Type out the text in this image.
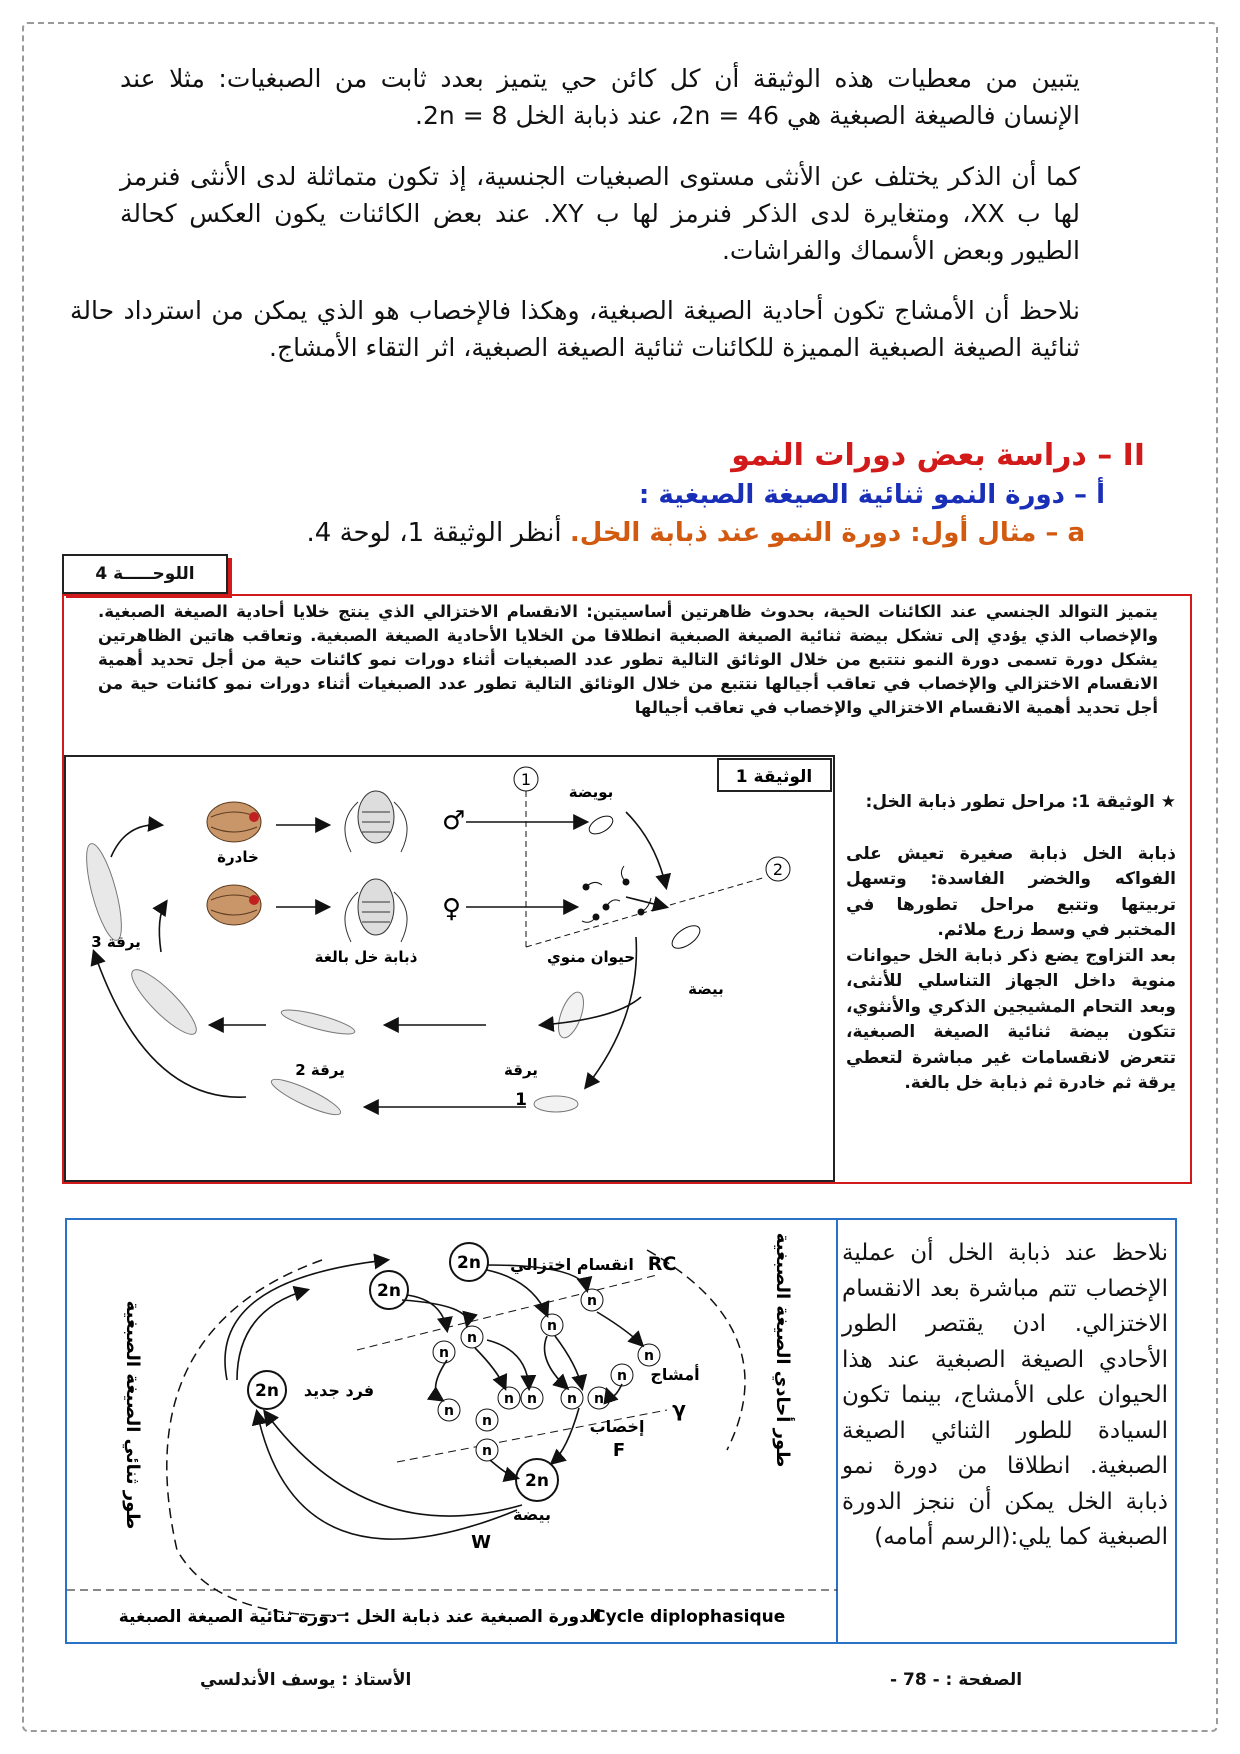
يتبين من معطيات هذه الوثيقة أن كل كائن حي يتميز بعدد ثابت من الصبغيات: مثلا عند الإنسان فالصيغة الصبغية هي 46 = 2n، عند ذبابة الخل 8 = 2n.
كما أن الذكر يختلف عن الأنثى مستوى الصبغيات الجنسية، إذ تكون متماثلة لدى الأنثى فنرمز لها ب XX، ومتغايرة لدى الذكر فنرمز لها ب XY. عند بعض الكائنات يكون العكس كحالة الطيور وبعض الأسماك والفراشات.
نلاحظ أن الأمشاج تكون أحادية الصيغة الصبغية، وهكذا فالإخصاب هو الذي يمكن من استرداد حالة ثنائية الصيغة الصبغية المميزة للكائنات ثنائية الصيغة الصبغية، اثر التقاء الأمشاج.
II – دراسة بعض دورات النمو
أ – دورة النمو ثنائية الصيغة الصبغية :
a – مثال أول: دورة النمو عند ذبابة الخل. أنظر الوثيقة 1، لوحة 4.
اللوحـــــة 4
يتميز التوالد الجنسي عند الكائنات الحية، بحدوث ظاهرتين أساسيتين: الانقسام الاختزالي الذي ينتج خلايا أحادية الصيغة الصبغية. والإخصاب الذي يؤدي إلى تشكل بيضة ثنائية الصيغة الصبغية انطلاقا من الخلايا الأحادية الصيغة الصبغية. وتعاقب هاتين الظاهرتين يشكل دورة تسمى دورة النمو نتتبع من خلال الوثائق التالية تطور عدد الصبغيات أثناء دورات نمو كائنات حية من أجل تحديد أهمية الانقسام الاختزالي والإخصاب في تعاقب أجيالها نتتبع من خلال الوثائق التالية تطور عدد الصبغيات أثناء دورات نمو كائنات حية من أجل تحديد أهمية الانقسام الاختزالي والإخصاب في تعاقب أجيالها
الوثيقة 1
خادرة
ذبابة خل بالغة
♂
♀
1
2
بويضة
حيوان منوي
بيضة
يرقة
1
يرقة 2
يرقة 3
★ الوثيقة 1: مراحل تطور ذبابة الخل:
ذبابة الخل ذبابة صغيرة تعيش على الفواكه والخضر الفاسدة: وتسهل تربيتها وتتبع مراحل تطورها في المختبر في وسط زرع ملائم.
بعد التزاوج يضع ذكر ذبابة الخل حيوانات منوية داخل الجهاز التناسلي للأنثى، وبعد التحام المشيجين الذكري والأنثوي، تتكون بيضة ثنائية الصيغة الصبغية، تتعرض لانقسامات غير مباشرة لتعطي يرقة ثم خادرة ثم ذبابة خل بالغة.
طور ثنائي الصيغة الصبغية	طور أحادي الصيغة الصبغية
2n
2n
2n
2n
n
n
n
n	n
n
n
n
n n n n
n
RC
انقسام اختزالي
أمشاج
γ
إخصاب
F
بيضة
W
فرد جديد
Cycle diplophasiqueالدورة الصبغية عند ذبابة الخل : دورة ثنائية الصيغة الصبغية
نلاحظ عند ذبابة الخل أن عملية الإخصاب تتم مباشرة بعد الانقسام الاختزالي. ادن يقتصر الطور الأحادي الصيغة الصبغية عند هذا الحيوان على الأمشاج، بينما تكون السيادة للطور الثنائي الصيغة الصبغية. انطلاقا من دورة نمو ذبابة الخل يمكن أن ننجز الدورة الصبغية كما يلي:(الرسم أمامه)
الأستاذ : يوسف الأندلسي	الصفحة : - 78 -
